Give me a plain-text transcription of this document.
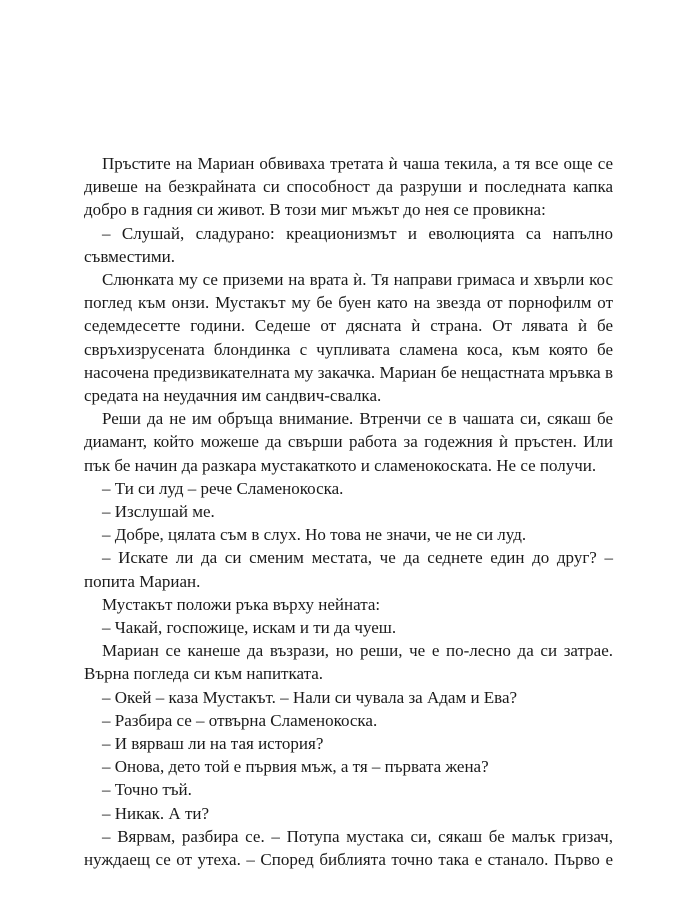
Пръстите на Мариан обвиваха третата ѝ чаша текила, а тя все още се дивеше на безкрайната си способност да разруши и последната капка добро в гадния си живот. В този миг мъжът до нея се провикна:

– Слушай, сладурано: креационизмът и еволюцията са напълно съвместими.

Слюнката му се приземи на врата ѝ. Тя направи гримаса и хвърли кос поглед към онзи. Мустакът му бе буен като на звезда от порнофилм от седемдесетте години. Седеше от дясната ѝ страна. От лявата ѝ бе свръхизрусената блондинка с чупливата сламена коса, към която бе насочена предизвикателната му закачка. Мариан бе нещастната мръвка в средата на неудачния им сандвич-свалка.

Реши да не им обръща внимание. Втренчи се в чашата си, сякаш бе диамант, който можеше да свърши работа за годежния ѝ пръстен. Или пък бе начин да разкара мустакаткото и сламенокоската. Не се получи.

– Ти си луд – рече Сламенокоска.

– Изслушай ме.

– Добре, цялата съм в слух. Но това не значи, че не си луд.

– Искате ли да си сменим местата, че да седнете един до друг? – попита Мариан.

Мустакът положи ръка върху нейната:

– Чакай, госпожице, искам и ти да чуеш.

Мариан се канеше да възрази, но реши, че е по-лесно да си затрае. Върна погледа си към напитката.

– Окей – каза Мустакът. – Нали си чувала за Адам и Ева?

– Разбира се – отвърна Сламенокоска.

– И вярваш ли на тая история?

– Онова, дето той е първия мъж, а тя – първата жена?

– Точно тъй.

– Никак. А ти?

– Вярвам, разбира се. – Потупа мустака си, сякаш бе малък гризач, нуждаещ се от утеха. – Според библията точно така е станало. Първо е
